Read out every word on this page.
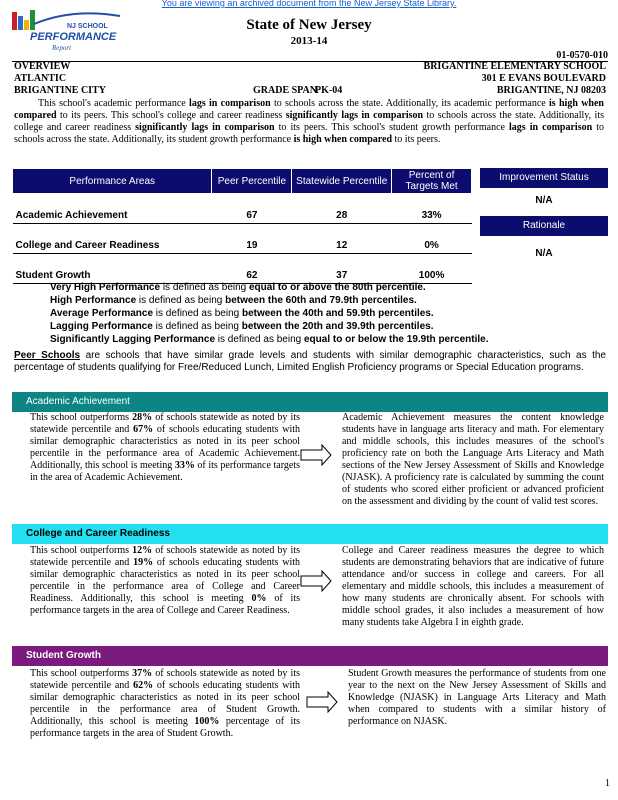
You are viewing an archived document from the New Jersey State Library.
NJ SCHOOL
PERFORMANCE
Report
State of New Jersey
2013-14
01-0570-010
OVERVIEW	BRIGANTINE ELEMENTARY SCHOOL
ATLANTIC	301 E EVANS BOULEVARD
BRIGANTINE CITY	GRADE SPAN
PK-04	BRIGANTINE, NJ 08203

This school's academic performance lags in comparison to schools across the state. Additionally, its academic performance is high when compared to its peers. This school's college and career readiness significantly lags in comparison to schools across the state. Additionally, its college and career readiness significantly lags in comparison to its peers. This school's student growth performance lags in comparison to schools across the state. Additionally, its student growth performance is high when compared to its peers.

Performance Areas	Peer Percentile	Statewide Percentile	Percent of Targets Met
Academic Achievement	67	28	33%
College and Career Readiness	19	12	0%
Student Growth	62	37	100%
Improvement Status
N/A
Rationale
N/A
Very High Performance is defined as being equal to or above the 80th percentile.
High Performance is defined as being between the 60th and 79.9th percentiles.
Average Performance is defined as being between the 40th and 59.9th percentiles.
Lagging Performance is defined as being between the 20th and 39.9th percentiles.
Significantly Lagging Performance is defined as being equal to or below the 19.9th percentile.
Peer Schools are schools that have similar grade levels and students with similar demographic characteristics, such as the percentage of students qualifying for Free/Reduced Lunch, Limited English Proficiency programs or Special Education programs.
Academic Achievement
This school outperforms 28% of schools statewide as noted by its statewide percentile and 67% of schools educating students with similar demographic characteristics as noted in its peer school percentile in the performance area of Academic Achievement. Additionally, this school is meeting 33% of its performance targets in the area of Academic Achievement.
Academic Achievement measures the content knowledge students have in language arts literacy and math. For elementary and middle schools, this includes measures of the school's proficiency rate on both the Language Arts Literacy and Math sections of the New Jersey Assessment of Skills and Knowledge (NJASK). A proficiency rate is calculated by summing the count of students who scored either proficient or advanced proficient on the assessment and dividing by the count of valid test scores.
College and Career Readiness
This school outperforms 12% of schools statewide as noted by its statewide percentile and 19% of schools educating students with similar demographic characteristics as noted in its peer school percentile in the performance area of College and Career Readiness. Additionally, this school is meeting 0% of its performance targets in the area of College and Career Readiness.
College and Career readiness measures the degree to which students are demonstrating behaviors that are indicative of future attendance and/or success in college and careers. For all elementary and middle schools, this includes a measurement of how many students are chronically absent. For schools with middle school grades, it also includes a measurement of how many students take Algebra I in eighth grade.
Student Growth
This school outperforms 37% of schools statewide as noted by its statewide percentile and 62% of schools educating students with similar demographic characteristics as noted in its peer school percentile in the performance area of Student Growth. Additionally, this school is meeting 100% percentage of its performance targets in the area of Student Growth.
Student Growth measures the performance of students from one year to the next on the New Jersey Assessment of Skills and Knowledge (NJASK) in Language Arts Literacy and Math when compared to students with a similar history of performance on NJASK.
1
